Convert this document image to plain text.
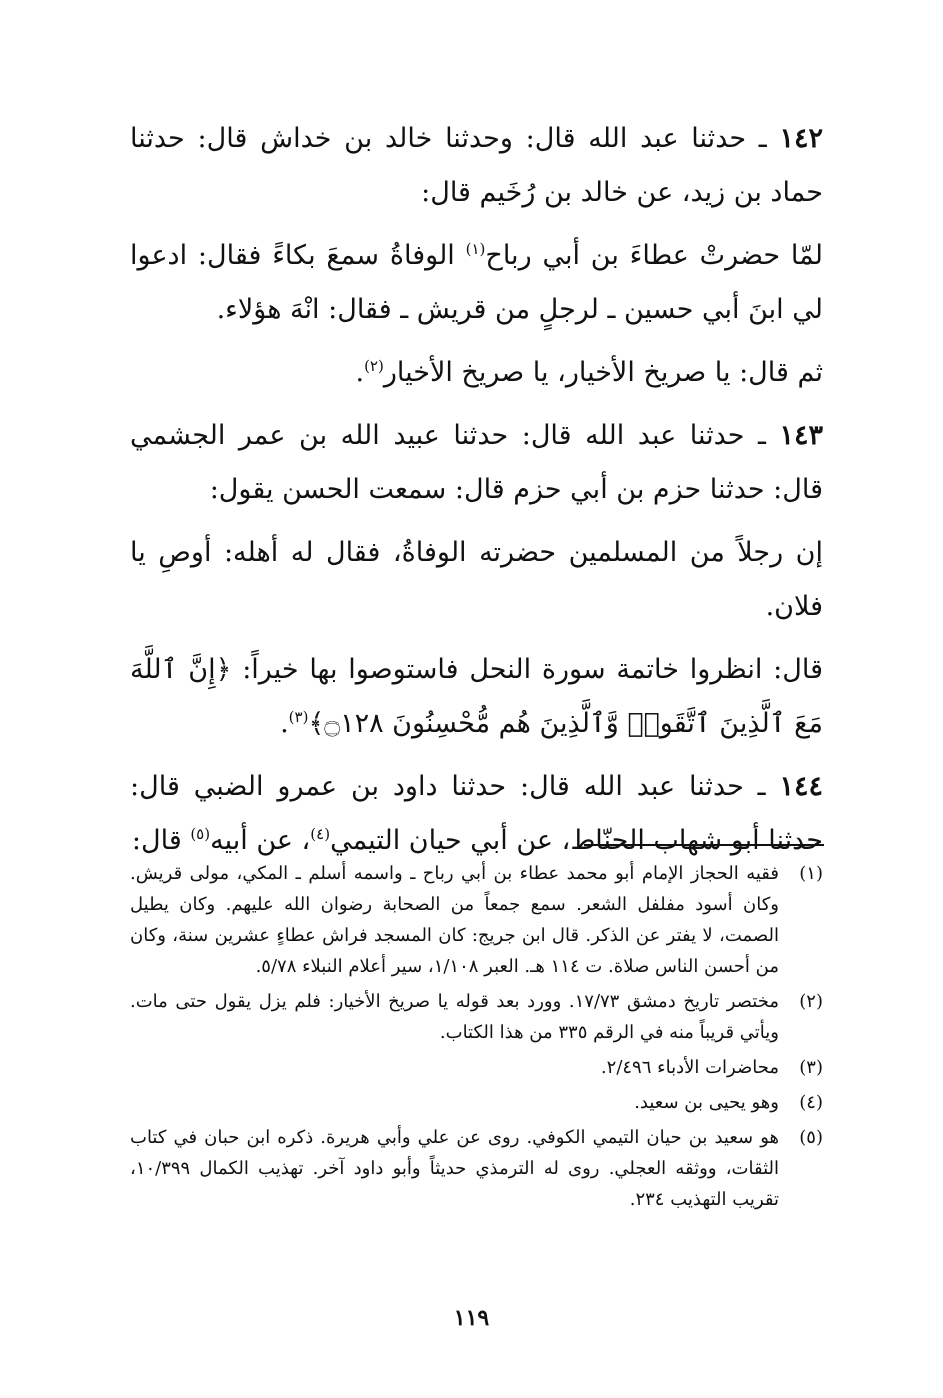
١٤٢ ـ حدثنا عبد الله قال: وحدثنا خالد بن خداش قال: حدثنا حماد بن زيد، عن خالد بن رُخَيم قال:

لمّا حضرتْ عطاءَ بن أبي رباح$^{(١)}$ الوفاةُ سمعَ بكاءً فقال: ادعوا لي ابنَ أبي حسين ـ لرجلٍ من قريش ـ فقال: انْهَ هؤلاء.

ثم قال: يا صريخ الأخيار، يا صريخ الأخيار$^{(٢)}$.

١٤٣ ـ حدثنا عبد الله قال: حدثنا عبيد الله بن عمر الجشمي قال: حدثنا حزم بن أبي حزم قال: سمعت الحسن يقول:

إن رجلاً من المسلمين حضرته الوفاةُ، فقال له أهله: أوصِ يا فلان.

قال: انظروا خاتمة سورة النحل فاستوصوا بها خيراً: ﴿إِنَّ ٱللَّهَ مَعَ ٱلَّذِينَ ٱتَّقَوا۟ وَّٱلَّذِينَ هُم مُّحْسِنُونَ ۝١٢٨﴾$^{(٣)}$.

١٤٤ ـ حدثنا عبد الله قال: حدثنا داود بن عمرو الضبي قال: حدثنا أبو شهاب الحنّاط، عن أبي حيان التيمي$^{(٤)}$، عن أبيه$^{(٥)}$ قال:

(١)
فقيه الحجاز الإمام أبو محمد عطاء بن أبي رباح ـ واسمه أسلم ـ المكي، مولى قريش. وكان أسود مفلفل الشعر. سمع جمعاً من الصحابة رضوان الله عليهم. وكان يطيل الصمت، لا يفتر عن الذكر. قال ابن جريج: كان المسجد فراش عطاءٍ عشرين سنة، وكان من أحسن الناس صلاة. ت ١١٤ هـ. العبر ١/١٠٨، سير أعلام النبلاء ٥/٧٨.
(٢)
مختصر تاريخ دمشق ١٧/٧٣. وورد بعد قوله يا صريخ الأخيار: فلم يزل يقول حتى مات. ويأتي قريباً منه في الرقم ٣٣٥ من هذا الكتاب.
(٣)
محاضرات الأدباء ٢/٤٩٦.
(٤)
وهو يحيى بن سعيد.
(٥)
هو سعيد بن حيان التيمي الكوفي. روى عن علي وأبي هريرة. ذكره ابن حبان في كتاب الثقات، ووثقه العجلي. روى له الترمذي حديثاً وأبو داود آخر. تهذيب الكمال ١٠/٣٩٩، تقريب التهذيب ٢٣٤.
١١٩
